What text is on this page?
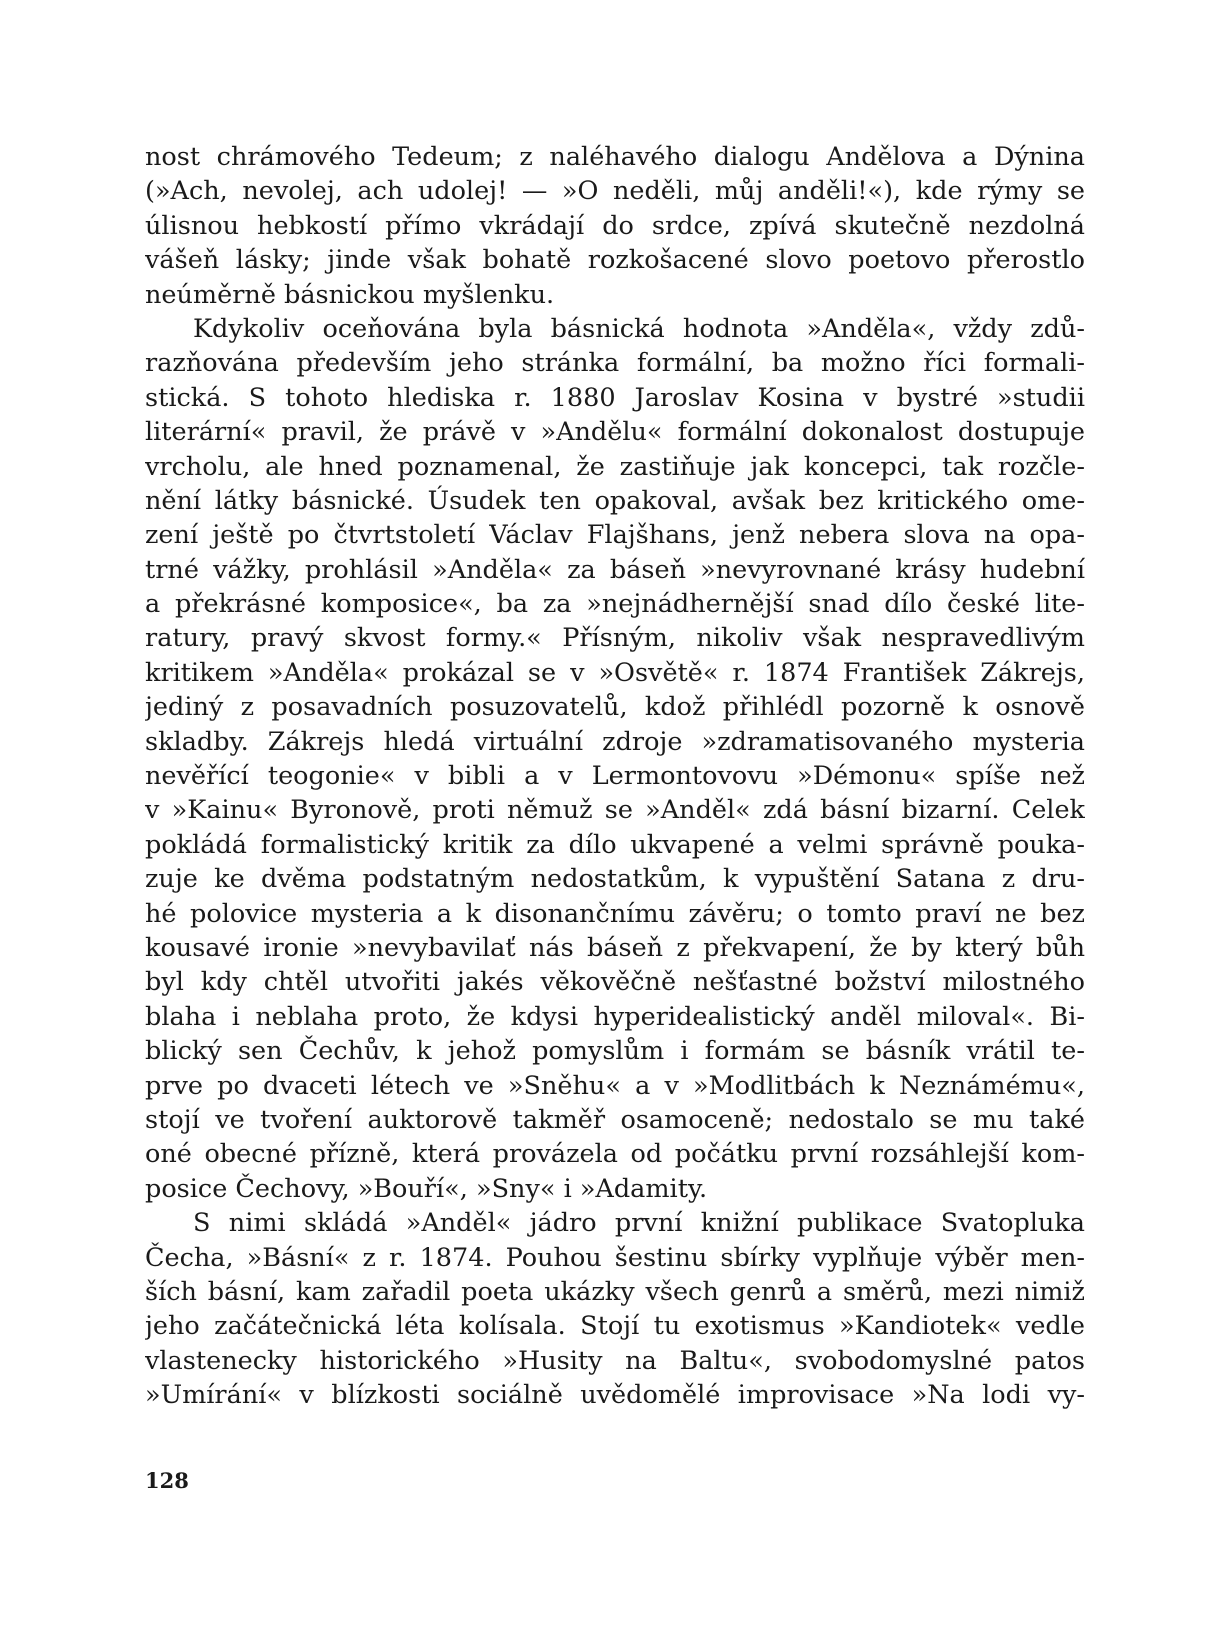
nost chrámového Tedeum; z naléhavého dialogu Andělova a Dýnina
(»Ach, nevolej, ach udolej! — »O neděli, můj anděli!«), kde rýmy se
úlisnou hebkostí přímo vkrádají do srdce, zpívá skutečně nezdolná
vášeň lásky; jinde však bohatě rozkošacené slovo poetovo přerostlo
neúměrně básnickou myšlenku.
Kdykoliv oceňována byla básnická hodnota »Anděla«, vždy zdů-
razňována především jeho stránka formální, ba možno říci formali-
stická. S tohoto hlediska r. 1880 Jaroslav Kosina v bystré »studii
literární« pravil, že právě v »Andělu« formální dokonalost dostupuje
vrcholu, ale hned poznamenal, že zastiňuje jak koncepci, tak rozčle-
nění látky básnické. Úsudek ten opakoval, avšak bez kritického ome-
zení ještě po čtvrtstoletí Václav Flajšhans, jenž nebera slova na opa-
trné vážky, prohlásil »Anděla« za báseň »nevyrovnané krásy hudební
a překrásné komposice«, ba za »nejnádhernější snad dílo české lite-
ratury, pravý skvost formy.« Přísným, nikoliv však nespravedlivým
kritikem »Anděla« prokázal se v »Osvětě« r. 1874 František Zákrejs,
jediný z posavadních posuzovatelů, kdož přihlédl pozorně k osnově
skladby. Zákrejs hledá virtuální zdroje »zdramatisovaného mysteria
nevěřící teogonie« v bibli a v Lermontovovu »Démonu« spíše než
v »Kainu« Byronově, proti němuž se »Anděl« zdá básní bizarní. Celek
pokládá formalistický kritik za dílo ukvapené a velmi správně pouka-
zuje ke dvěma podstatným nedostatkům, k vypuštění Satana z dru-
hé polovice mysteria a k disonančnímu závěru; o tomto praví ne bez
kousavé ironie »nevybavilať nás báseň z překvapení, že by který bůh
byl kdy chtěl utvořiti jakés věkověčně nešťastné božství milostného
blaha i neblaha proto, že kdysi hyperidealistický anděl miloval«. Bi-
blický sen Čechův, k jehož pomyslům i formám se básník vrátil te-
prve po dvaceti létech ve »Sněhu« a v »Modlitbách k Neznámému«,
stojí ve tvoření auktorově takměř osamoceně; nedostalo se mu také
oné obecné přízně, která provázela od počátku první rozsáhlejší kom-
posice Čechovy, »Bouří«, »Sny« i »Adamity.
S nimi skládá »Anděl« jádro první knižní publikace Svatopluka
Čecha, »Básní« z r. 1874. Pouhou šestinu sbírky vyplňuje výběr men-
ších básní, kam zařadil poeta ukázky všech genrů a směrů, mezi nimiž
jeho začátečnická léta kolísala. Stojí tu exotismus »Kandiotek« vedle
vlastenecky historického »Husity na Baltu«, svobodomyslné patos
»Umírání« v blízkosti sociálně uvědomělé improvisace »Na lodi vy-
128
